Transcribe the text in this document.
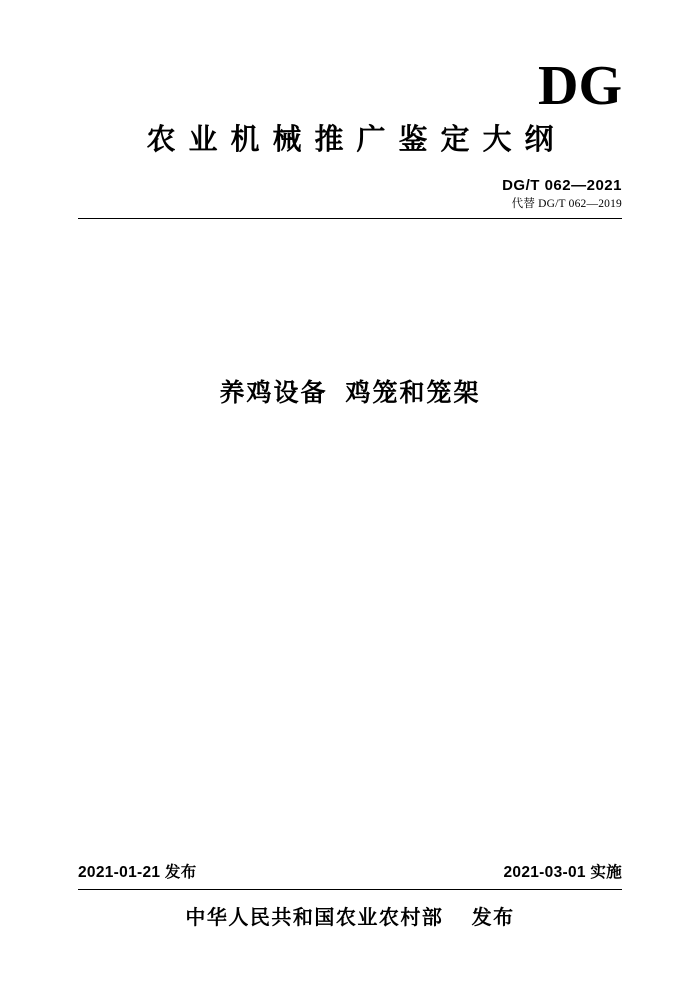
DG
农业机械推广鉴定大纲
DG/T 062—2021
代替 DG/T 062—2019
养鸡设备  鸡笼和笼架
2021-01-21 发布	2021-03-01 实施
中华人民共和国农业农村部    发布
